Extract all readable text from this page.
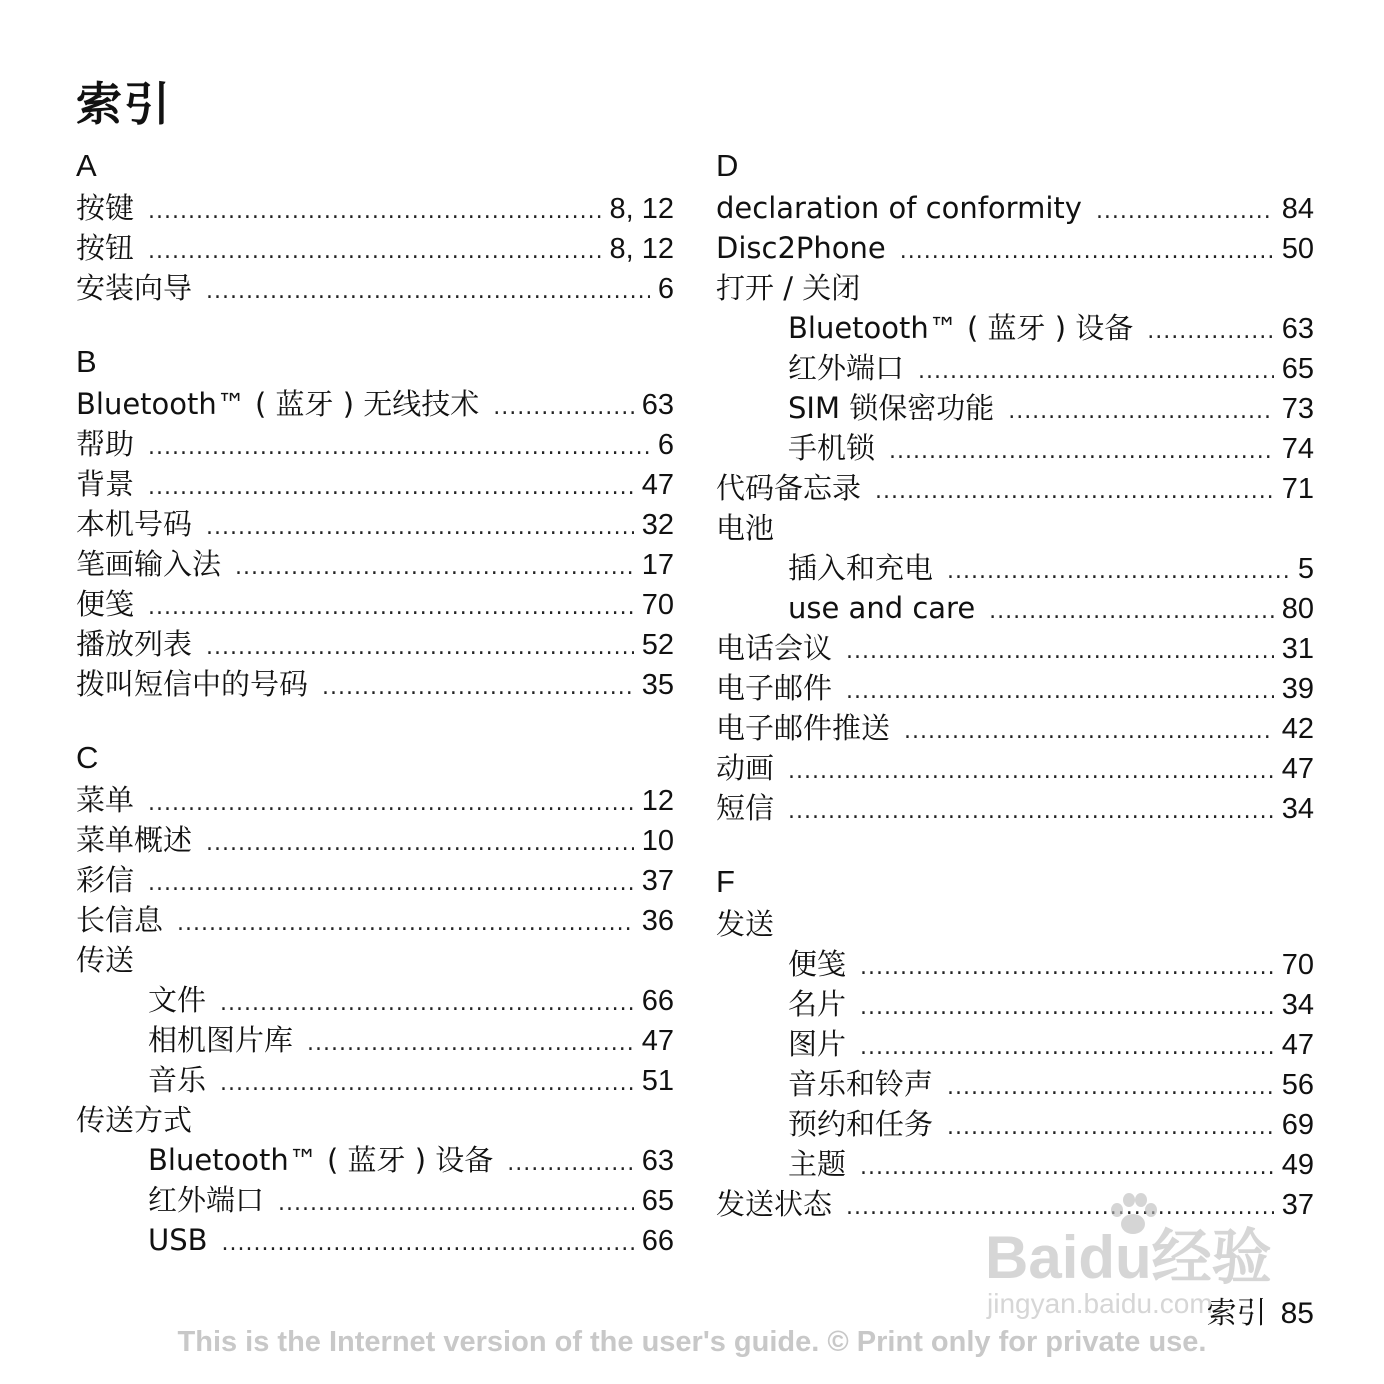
索引
A
按键 .....	8, 12
按钮 .....	8, 12
安装向导 .....	6
B
Bluetooth™ ( 蓝牙 ) 无线技术 .....	63
帮助 .....	6
背景 .....	47
本机号码 .....	32
笔画输入法 .....	17
便笺 .....	70
播放列表 .....	52
拨叫短信中的号码 .....	35
C
菜单 .....	12
菜单概述 .....	10
彩信 .....	37
长信息 .....	36
传送
文件 .....	66
相机图片库 .....	47
音乐 .....	51
传送方式
Bluetooth™ ( 蓝牙 ) 设备 .....	63
红外端口 .....	65
USB .....	66
D
declaration of conformity .....	84
Disc2Phone .....	50
打开 / 关闭
Bluetooth™ ( 蓝牙 ) 设备 .....	63
红外端口 .....	65
SIM 锁保密功能 .....	73
手机锁 .....	74
代码备忘录 .....	71
电池
插入和充电 .....	5
use and care .....	80
电话会议 .....	31
电子邮件 .....	39
电子邮件推送 .....	42
动画 .....	47
短信 .....	34
F
发送
便笺 .....	70
名片 .....	34
图片 .....	47
音乐和铃声 .....	56
预约和任务 .....	69
主题 .....	49
发送状态 .....	37
Baidu经验
jingyan.baidu.com
索引 85
This is the Internet version of the user's guide. © Print only for private use.
